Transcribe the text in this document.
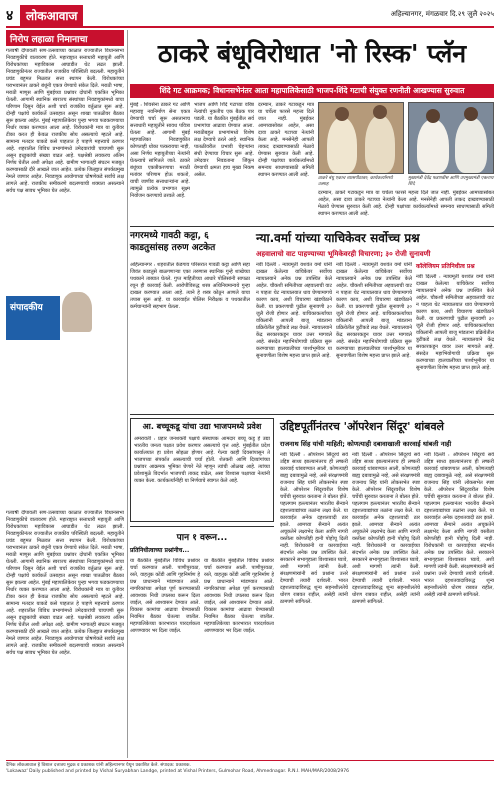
४	लोकआवाज	अहिल्यानगर, मंगळवार दि.२९ जुलै २०२५
निरोप लहाळा निमानाचा
गतवर्षी दीपावली सण-उत्सवाच्या काळात राज्यातील विधानसभा निवडणुकीचे वातावरण होते. महाराष्ट्रात सत्ताधारी महायुती आणि विरोधकांच्या महाविकास आघाडीत थेट लढत झाली. निवडणुकीनंतर राज्यातील राजकीय परिस्थिती बदलली. महायुतीने प्रचंड बहुमत मिळवत सत्ता स्थापन केली. विरोधकांच्या पराभवानंतर ठाकरे बंधूंनी एकत्र येण्याचे संकेत दिले. मराठी भाषा, मराठी माणूस आणि मुंबईच्या प्रश्नांवर दोघांनी एकत्रित भूमिका घेतली. आगामी स्थानिक स्वराज्य संस्थांच्या निवडणुकांमध्ये याचा परिणाम दिसून येईल अशी चर्चा राजकीय वर्तुळात सुरू आहे. दोन्ही पक्षांचे कार्यकर्ते उत्साहात असून शाखा पातळीवर बैठका सुरू झाल्या आहेत. मुंबई महापालिकेवर पुन्हा भगवा फडकवण्याचा निर्धार व्यक्त करण्यात आला आहे. विरोधकांनी मात्र या युतीवर टीका करत ही केवळ राजकीय सोय असल्याचे म्हटले आहे. सामान्य मतदार याकडे कसे पाहतात हे पाहणे महत्त्वाचे ठरणार आहे. शहरातील विविध प्रभागांमध्ये उमेदवारांची चाचपणी सुरू असून इच्छुकांची संख्या वाढत आहे. पक्षश्रेष्ठी लवकरच अंतिम निर्णय घेतील अशी अपेक्षा आहे. ग्रामीण भागातही संघटन मजबूत करण्यासाठी दौरे आखले जात आहेत. प्रत्येक जिल्ह्यात संपर्कप्रमुख नेमले जाणार आहेत. निवडणूक आयोगाच्या घोषणेकडे सर्वांचे लक्ष लागले आहे. राजकीय समीकरणे बदलण्याची शक्यता असल्याने सर्वच पक्ष सावध भूमिका घेत आहेत.
संपादकीय
ठाकरे बंधूविरोधात 'नो रिस्क' प्लॅन
शिंदे गट आक्रमक; विधानसभेनंतर आता महापालिकेसाठी भाजप-शिंदे गटाची संयुक्त रणनीती आखण्यास सुरुवात
मुंबई : शिवसेना ठाकरे गट आणि महाराष्ट्र नवनिर्माण सेना एकत्र येण्याची चर्चा सुरू असतानाच सत्ताधारी महायुतीने सावध पवित्रा घेतला आहे. आगामी मुंबई महापालिका निवडणुकीत कोणताही धोका पत्करायचा नाही, असा निर्णय महायुतीच्या नेत्यांनी घेतल्याचे सांगितले जाते. ठाकरे बंधूंच्या एकत्रीकरणाचा मराठी मतांवर परिणाम होऊ शकतो, याची जाणीव सत्ताधाऱ्यांना आहे. त्यामुळे प्रत्येक प्रभागात सूक्ष्म नियोजन करण्याचे ठरवले आहे.
भाजप आणि शिंदे गटाच्या वरिष्ठ नेत्यांची नुकतीच एक बैठक पार पडली. या बैठकीत मुंबईतील सर्व प्रभागांचा आढावा घेण्यात आला. मराठीबहुल प्रभागांमध्ये विशेष लक्ष देण्याचे ठरले आहे. स्थानिक पातळीवरील प्रभावी चेहऱ्यांना संधी देण्याचा विचार सुरू आहे. उमेदवार निवडताना जिंकून येण्याची क्षमता हाच मुख्य निकष असेल.
दरम्यान, ठाकरे गटाकडून मात्र या चर्चेला फारसे महत्त्व दिले जात नाही. मुंबईकर आमच्यासोबत आहेत, असा दावा ठाकरे गटाच्या नेत्यांनी केला आहे. मनसेनेही आपली ताकद दाखवण्यासाठी मेळावे घेण्यास सुरुवात केली आहे. दोन्ही पक्षांच्या कार्यकर्त्यांमध्ये समन्वय साधण्यासाठी समिती स्थापन करण्यात आली आहे.
ठाकरे बंधू एकाच व्यासपीठावर; कार्यकर्त्यांमध्ये उत्साह
मुख्यमंत्री देवेंद्र फडणवीस आणि उपमुख्यमंत्री एकनाथ शिंदे
दरम्यान, ठाकरे गटाकडून मात्र या चर्चेला फारसे महत्त्व दिले जात नाही. मुंबईकर आमच्यासोबत आहेत, असा दावा ठाकरे गटाच्या नेत्यांनी केला आहे. मनसेनेही आपली ताकद दाखवण्यासाठी मेळावे घेण्यास सुरुवात केली आहे. दोन्ही पक्षांच्या कार्यकर्त्यांमध्ये समन्वय साधण्यासाठी समिती स्थापन करण्यात आली आहे.
नगरमध्ये गावठी कट्टा, ६ काडतुसांसह तरुण अटकेत
अहिल्यानगर : शहरातील केडगाव परिसरात गावठी कट्टा आणि सहा जिवंत काडतुसे बाळगणाऱ्या एका तरुणास स्थानिक गुन्हे शाखेच्या पथकाने ताब्यात घेतले. गुप्त माहितीच्या आधारे पोलिसांनी सापळा रचून ही कारवाई केली. आरोपीविरुद्ध शस्त्र अधिनियमान्वये गुन्हा दाखल करण्यात आला आहे. त्याने हे शस्त्र कोठून आणले याचा तपास सुरू आहे. या कारवाईत पोलिस निरीक्षक व पथकातील कर्मचाऱ्यांनी सहभाग घेतला.
न्या.वर्मा यांच्या याचिकेवर सर्वोच्च प्रश्न
अहवालाचो वाट पाहण्याच्या भूमिकेवरही विचारणा; ३० रोजी सुनावणी
नवी दिल्ली : न्यायमूर्ती यशवंत वर्मा यांनी दाखल केलेल्या याचिकेवर सर्वोच्च न्यायालयाने अनेक प्रश्न उपस्थित केले आहेत. चौकशी समितीच्या अहवालाची वाट न पाहता थेट न्यायालयात धाव घेण्यामागचे कारण काय, अशी विचारणा खंडपीठाने केली. या प्रकरणाची पुढील सुनावणी ३० जुलै रोजी होणार आहे. याचिकाकर्त्यांच्या वकिलांनी आपली बाजू मांडताना प्रक्रियेतील त्रुटींकडे लक्ष वेधले. न्यायालयाने केंद्र सरकारकडून यावर उत्तर मागवले आहे. संसदेत महाभियोगाची प्रक्रिया सुरू करण्याच्या हालचालींच्या पार्श्वभूमीवर या सुनावणीला विशेष महत्त्व प्राप्त झाले आहे.
नवी दिल्ली : न्यायमूर्ती यशवंत वर्मा यांनी दाखल केलेल्या याचिकेवर सर्वोच्च न्यायालयाने अनेक प्रश्न उपस्थित केले आहेत. चौकशी समितीच्या अहवालाची वाट न पाहता थेट न्यायालयात धाव घेण्यामागचे कारण काय, अशी विचारणा खंडपीठाने केली. या प्रकरणाची पुढील सुनावणी ३० जुलै रोजी होणार आहे. याचिकाकर्त्यांच्या वकिलांनी आपली बाजू मांडताना प्रक्रियेतील त्रुटींकडे लक्ष वेधले. न्यायालयाने केंद्र सरकारकडून यावर उत्तर मागवले आहे. संसदेत महाभियोगाची प्रक्रिया सुरू करण्याच्या हालचालींच्या पार्श्वभूमीवर या सुनावणीला विशेष महत्त्व प्राप्त झाले आहे.
कॉलेजियम प्रतिनिधीत्व प्रश्न
नवी दिल्ली : न्यायमूर्ती यशवंत वर्मा यांनी दाखल केलेल्या याचिकेवर सर्वोच्च न्यायालयाने अनेक प्रश्न उपस्थित केले आहेत. चौकशी समितीच्या अहवालाची वाट न पाहता थेट न्यायालयात धाव घेण्यामागचे कारण काय, अशी विचारणा खंडपीठाने केली. या प्रकरणाची पुढील सुनावणी ३० जुलै रोजी होणार आहे. याचिकाकर्त्यांच्या वकिलांनी आपली बाजू मांडताना प्रक्रियेतील त्रुटींकडे लक्ष वेधले. न्यायालयाने केंद्र सरकारकडून यावर उत्तर मागवले आहे. संसदेत महाभियोगाची प्रक्रिया सुरू करण्याच्या हालचालींच्या पार्श्वभूमीवर या सुनावणीला विशेष महत्त्व प्राप्त झाले आहे.
आ. बच्चूकडू यांचा उद्या भाजपमध्ये प्रवेश
अमरावती : प्रहार जनशक्ती पक्षाचे संस्थापक आमदार बच्चू कडू हे उद्या भारतीय जनता पक्षात प्रवेश करणार असल्याचे वृत्त आहे. मुंबईतील प्रदेश कार्यालयात हा प्रवेश सोहळा होणार आहे. गेल्या काही दिवसांपासून ते भाजपच्या संपर्कात असल्याची चर्चा होती. शेतकरी आणि दिव्यांगांच्या प्रश्नांवर आक्रमक भूमिका घेणारे नेते म्हणून त्यांची ओळख आहे. त्यांच्या प्रवेशामुळे विदर्भात भाजपची ताकद वाढेल, असा विश्वास पक्षाच्या नेत्यांनी व्यक्त केला. कार्यकर्त्यांनीही या निर्णयाचे स्वागत केले आहे.
उद्दिष्टपूर्तीनंतरच 'ऑपरेशन सिंदूर' थांबवले
राजनाथ सिंह यांची माहिती; कोणत्याही दबावाखाली कारवाई थांबली नाही
नवी दिल्ली : ऑपरेशन सिंदूरचे सर्व उद्दिष्ट साध्य झाल्यानंतरच ही लष्करी कारवाई थांबवण्यात आली, कोणत्याही बाह्य दबावामुळे नव्हे, असे संरक्षणमंत्री राजनाथ सिंह यांनी लोकसभेत स्पष्ट केले. ऑपरेशन सिंदूरवरील विशेष चर्चेची सुरुवात करताना ते बोलत होते. पहलगाम हल्ल्यानंतर भारतीय सैन्याने दहशतवाद्यांच्या तळांना लक्ष्य केले. या कारवाईत अनेक दहशतवादी ठार झाले. आमच्या सैन्याने अत्यंत अचूकतेने लक्ष्यभेद केला आणि नागरी वस्तीला कोणतीही हानी पोहोचू दिली नाही. विरोधकांनी या कारवाईच्या संदर्भात अनेक प्रश्न उपस्थित केले. सरकारने सभागृहाला विश्वासात घ्यावे, अशी मागणी त्यांनी केली. संरक्षणमंत्र्यांनी सर्व प्रश्नांना उत्तरे देण्याची तयारी दर्शवली. भारत दहशतवादाविरुद्ध शून्य सहनशीलतेचे धोरण राबवत राहील, असेही त्यांनी ठामपणे सांगितले.
नवी दिल्ली : ऑपरेशन सिंदूरचे सर्व उद्दिष्ट साध्य झाल्यानंतरच ही लष्करी कारवाई थांबवण्यात आली, कोणत्याही बाह्य दबावामुळे नव्हे, असे संरक्षणमंत्री राजनाथ सिंह यांनी लोकसभेत स्पष्ट केले. ऑपरेशन सिंदूरवरील विशेष चर्चेची सुरुवात करताना ते बोलत होते. पहलगाम हल्ल्यानंतर भारतीय सैन्याने दहशतवाद्यांच्या तळांना लक्ष्य केले. या कारवाईत अनेक दहशतवादी ठार झाले. आमच्या सैन्याने अत्यंत अचूकतेने लक्ष्यभेद केला आणि नागरी वस्तीला कोणतीही हानी पोहोचू दिली नाही. विरोधकांनी या कारवाईच्या संदर्भात अनेक प्रश्न उपस्थित केले. सरकारने सभागृहाला विश्वासात घ्यावे, अशी मागणी त्यांनी केली. संरक्षणमंत्र्यांनी सर्व प्रश्नांना उत्तरे देण्याची तयारी दर्शवली. भारत दहशतवादाविरुद्ध शून्य सहनशीलतेचे धोरण राबवत राहील, असेही त्यांनी ठामपणे सांगितले.
नवी दिल्ली : ऑपरेशन सिंदूरचे सर्व उद्दिष्ट साध्य झाल्यानंतरच ही लष्करी कारवाई थांबवण्यात आली, कोणत्याही बाह्य दबावामुळे नव्हे, असे संरक्षणमंत्री राजनाथ सिंह यांनी लोकसभेत स्पष्ट केले. ऑपरेशन सिंदूरवरील विशेष चर्चेची सुरुवात करताना ते बोलत होते. पहलगाम हल्ल्यानंतर भारतीय सैन्याने दहशतवाद्यांच्या तळांना लक्ष्य केले. या कारवाईत अनेक दहशतवादी ठार झाले. आमच्या सैन्याने अत्यंत अचूकतेने लक्ष्यभेद केला आणि नागरी वस्तीला कोणतीही हानी पोहोचू दिली नाही. विरोधकांनी या कारवाईच्या संदर्भात अनेक प्रश्न उपस्थित केले. सरकारने सभागृहाला विश्वासात घ्यावे, अशी मागणी त्यांनी केली. संरक्षणमंत्र्यांनी सर्व प्रश्नांना उत्तरे देण्याची तयारी दर्शवली. भारत दहशतवादाविरुद्ध शून्य सहनशीलतेचे धोरण राबवत राहील, असेही त्यांनी ठामपणे सांगितले.
गतवर्षी दीपावली सण-उत्सवाच्या काळात राज्यातील विधानसभा निवडणुकीचे वातावरण होते. महाराष्ट्रात सत्ताधारी महायुती आणि विरोधकांच्या महाविकास आघाडीत थेट लढत झाली. निवडणुकीनंतर राज्यातील राजकीय परिस्थिती बदलली. महायुतीने प्रचंड बहुमत मिळवत सत्ता स्थापन केली. विरोधकांच्या पराभवानंतर ठाकरे बंधूंनी एकत्र येण्याचे संकेत दिले. मराठी भाषा, मराठी माणूस आणि मुंबईच्या प्रश्नांवर दोघांनी एकत्रित भूमिका घेतली. आगामी स्थानिक स्वराज्य संस्थांच्या निवडणुकांमध्ये याचा परिणाम दिसून येईल अशी चर्चा राजकीय वर्तुळात सुरू आहे. दोन्ही पक्षांचे कार्यकर्ते उत्साहात असून शाखा पातळीवर बैठका सुरू झाल्या आहेत. मुंबई महापालिकेवर पुन्हा भगवा फडकवण्याचा निर्धार व्यक्त करण्यात आला आहे. विरोधकांनी मात्र या युतीवर टीका करत ही केवळ राजकीय सोय असल्याचे म्हटले आहे. सामान्य मतदार याकडे कसे पाहतात हे पाहणे महत्त्वाचे ठरणार आहे. शहरातील विविध प्रभागांमध्ये उमेदवारांची चाचपणी सुरू असून इच्छुकांची संख्या वाढत आहे. पक्षश्रेष्ठी लवकरच अंतिम निर्णय घेतील अशी अपेक्षा आहे. ग्रामीण भागातही संघटन मजबूत करण्यासाठी दौरे आखले जात आहेत. प्रत्येक जिल्ह्यात संपर्कप्रमुख नेमले जाणार आहेत. निवडणूक आयोगाच्या घोषणेकडे सर्वांचे लक्ष लागले आहे. राजकीय समीकरणे बदलण्याची शक्यता असल्याने सर्वच पक्ष सावध भूमिका घेत आहेत.
पान १ वरून...
प्रतिनिधीत्वाच्या प्रश्नांनीच...
या बैठकीत मुंबईतील विविध प्रश्नांवर चर्चा करण्यात आली. पाणीपुरवठा, रस्ते, वाहतूक कोंडी आणि गृहनिर्माण हे प्रश्न प्राधान्याने मांडण्यात आले. नागरिकांच्या अपेक्षा पूर्ण करण्यासाठी आवश्यक निधी उपलब्ध करून दिला जाईल, असे आश्वासन देण्यात आले. विकास कामांचा आढावा घेण्यासाठी नियमित बैठका घेतल्या जातील. महापालिकेच्या कारभारात पारदर्शकता आणण्यावर भर दिला जाईल.
या बैठकीत मुंबईतील विविध प्रश्नांवर चर्चा करण्यात आली. पाणीपुरवठा, रस्ते, वाहतूक कोंडी आणि गृहनिर्माण हे प्रश्न प्राधान्याने मांडण्यात आले. नागरिकांच्या अपेक्षा पूर्ण करण्यासाठी आवश्यक निधी उपलब्ध करून दिला जाईल, असे आश्वासन देण्यात आले. विकास कामांचा आढावा घेण्यासाठी नियमित बैठका घेतल्या जातील. महापालिकेच्या कारभारात पारदर्शकता आणण्यावर भर दिला जाईल.
दैनिक लोकआवाज हे विशाल दत्तात्रय मुद्रक व प्रकाशक यांनी अहिल्यानगर येथून प्रकाशित केले. संपादक: प्रकाशक.
'Lokawaz' Daily published and printed by Vishal Suryabhan Landge, printed at Vishal Printers, Gulmohar Road, Ahmednagar. R.N.I. MAH/MAR/2008/2976
